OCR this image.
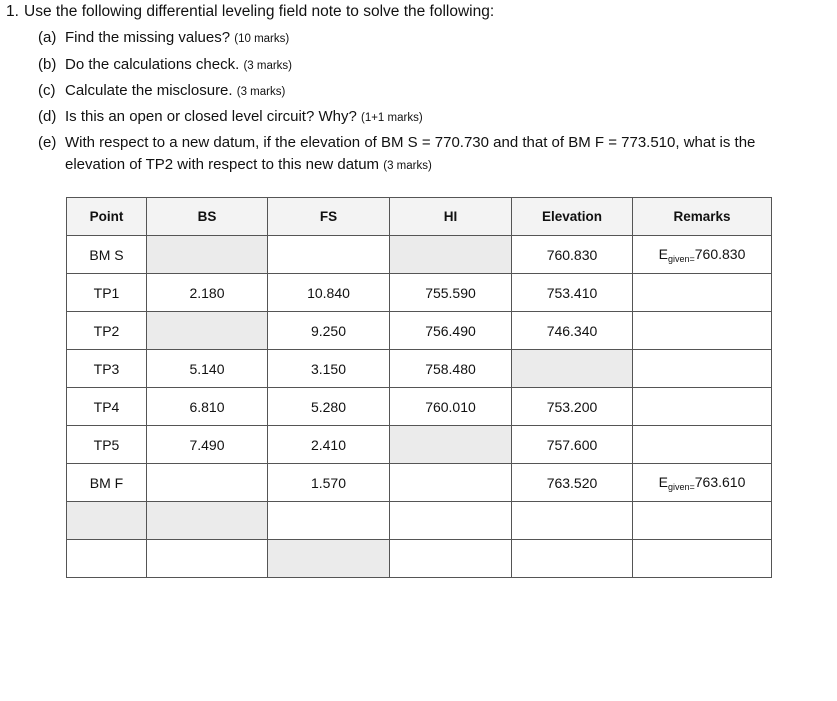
1. Use the following differential leveling field note to solve the following:
(a) Find the missing values? (10 marks)
(b) Do the calculations check. (3 marks)
(c) Calculate the misclosure. (3 marks)
(d) Is this an open or closed level circuit? Why? (1+1 marks)
(e) With respect to a new datum, if the elevation of BM S = 770.730 and that of BM F = 773.510, what is the
elevation of TP2 with respect to this new datum (3 marks)
Point	BS	FS	HI	Elevation	Remarks
BM S				760.830	$E_{given=}760.830$
TP1	2.180	10.840	755.590	753.410	
TP2		9.250	756.490	746.340	
TP3	5.140	3.150	758.480		
TP4	6.810	5.280	760.010	753.200	
TP5	7.490	2.410		757.600	
BM F		1.570		763.520	$E_{given=}763.610$
